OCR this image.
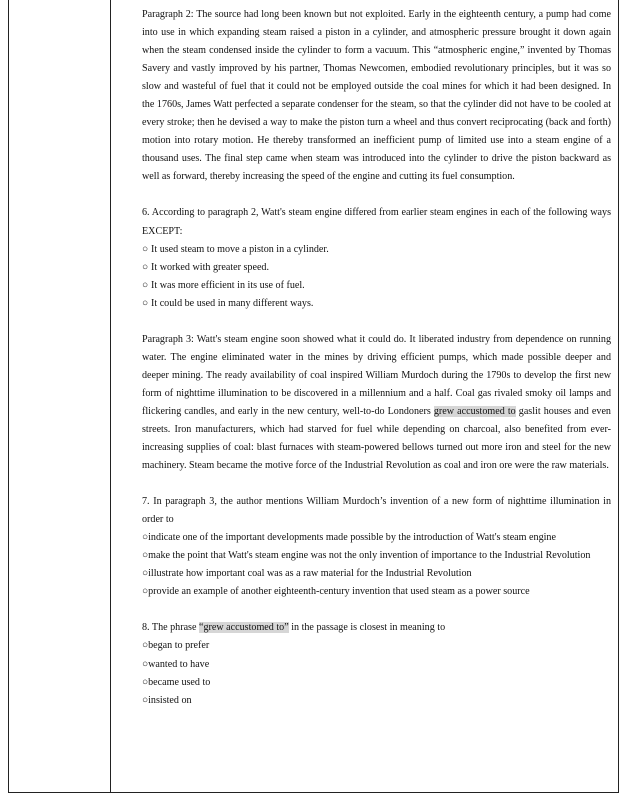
Paragraph 2: The source had long been known but not exploited. Early in the eighteenth century, a pump had come into use in which expanding steam raised a piston in a cylinder, and atmospheric pressure brought it down again when the steam condensed inside the cylinder to form a vacuum. This “atmospheric engine,” invented by Thomas Savery and vastly improved by his partner, Thomas Newcomen, embodied revolutionary principles, but it was so slow and wasteful of fuel that it could not be employed outside the coal mines for which it had been designed. In the 1760s, James Watt perfected a separate condenser for the steam, so that the cylinder did not have to be cooled at every stroke; then he devised a way to make the piston turn a wheel and thus convert reciprocating (back and forth) motion into rotary motion. He thereby transformed an inefficient pump of limited use into a steam engine of a thousand uses. The final step came when steam was introduced into the cylinder to drive the piston backward as well as forward, thereby increasing the speed of the engine and cutting its fuel consumption.

6. According to paragraph 2, Watt's steam engine differed from earlier steam engines in each of the following ways EXCEPT:

○ It used steam to move a piston in a cylinder.

○ It worked with greater speed.

○ It was more efficient in its use of fuel.

○ It could be used in many different ways.

Paragraph 3: Watt's steam engine soon showed what it could do. It liberated industry from dependence on running water. The engine eliminated water in the mines by driving efficient pumps, which made possible deeper and deeper mining. The ready availability of coal inspired William Murdoch during the 1790s to develop the first new form of nighttime illumination to be discovered in a millennium and a half. Coal gas rivaled smoky oil lamps and flickering candles, and early in the new century, well-to-do Londoners grew accustomed to gaslit houses and even streets. Iron manufacturers, which had starved for fuel while depending on charcoal, also benefited from ever-increasing supplies of coal: blast furnaces with steam-powered bellows turned out more iron and steel for the new machinery. Steam became the motive force of the Industrial Revolution as coal and iron ore were the raw materials.

7. In paragraph 3, the author mentions William Murdoch’s invention of a new form of nighttime illumination in order to

○indicate one of the important developments made possible by the introduction of Watt's steam engine

○make the point that Watt's steam engine was not the only invention of importance to the Industrial Revolution

○illustrate how important coal was as a raw material for the Industrial Revolution

○provide an example of another eighteenth-century invention that used steam as a power source

8. The phrase “grew accustomed to” in the passage is closest in meaning to

○began to prefer

○wanted to have

○became used to

○insisted on
